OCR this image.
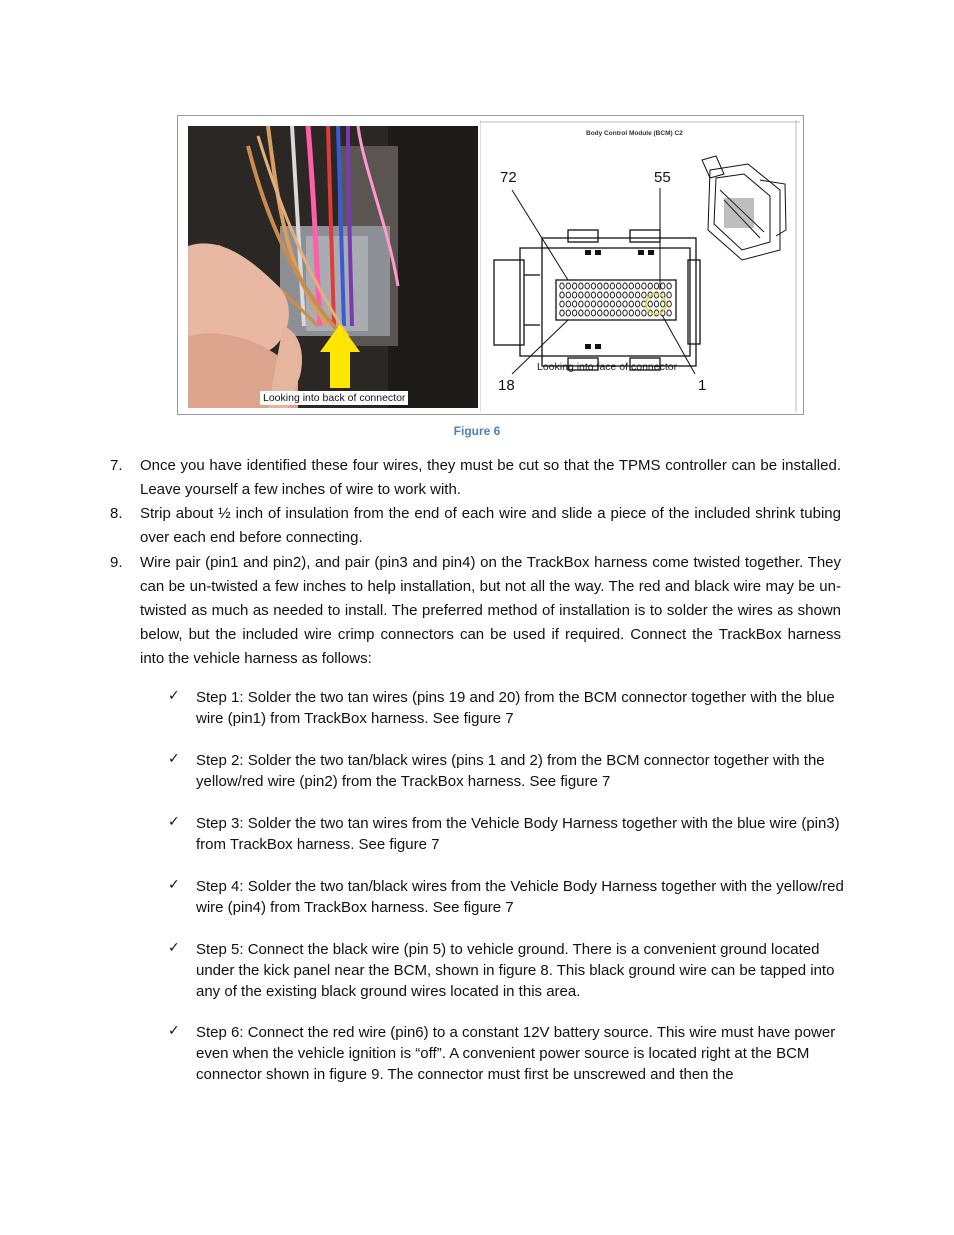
Looking into back of connector
Body Control Module (BCM) C2
72	55
18	1
Looking into face of connector
Figure 6
7. Once you have identified these four wires, they must be cut so that the TPMS controller can be installed. Leave yourself a few inches of wire to work with.
8. Strip about ½ inch of insulation from the end of each wire and slide a piece of the included shrink tubing over each end before connecting.
9. Wire pair (pin1 and pin2), and pair (pin3 and pin4) on the TrackBox harness come twisted together. They can be un-twisted a few inches to help installation, but not all the way. The red and black wire may be un-twisted as much as needed to install. The preferred method of installation is to solder the wires as shown below, but the included wire crimp connectors can be used if required. Connect the TrackBox harness into the vehicle harness as follows:
✓ Step 1: Solder the two tan wires (pins 19 and 20) from the BCM connector together with the blue wire (pin1) from TrackBox harness. See figure 7
✓ Step 2: Solder the two tan/black wires (pins 1 and 2) from the BCM connector together with the yellow/red wire (pin2) from the TrackBox harness. See figure 7
✓ Step 3: Solder the two tan wires from the Vehicle Body Harness together with the blue wire (pin3) from TrackBox harness. See figure 7
✓ Step 4: Solder the two tan/black wires from the Vehicle Body Harness together with the yellow/red wire (pin4) from TrackBox harness. See figure 7
✓ Step 5: Connect the black wire (pin 5) to vehicle ground. There is a convenient ground located under the kick panel near the BCM, shown in figure 8. This black ground wire can be tapped into any of the existing black ground wires located in this area.
✓ Step 6: Connect the red wire (pin6) to a constant 12V battery source. This wire must have power even when the vehicle ignition is “off”. A convenient power source is located right at the BCM connector shown in figure 9. The connector must first be unscrewed and then the
